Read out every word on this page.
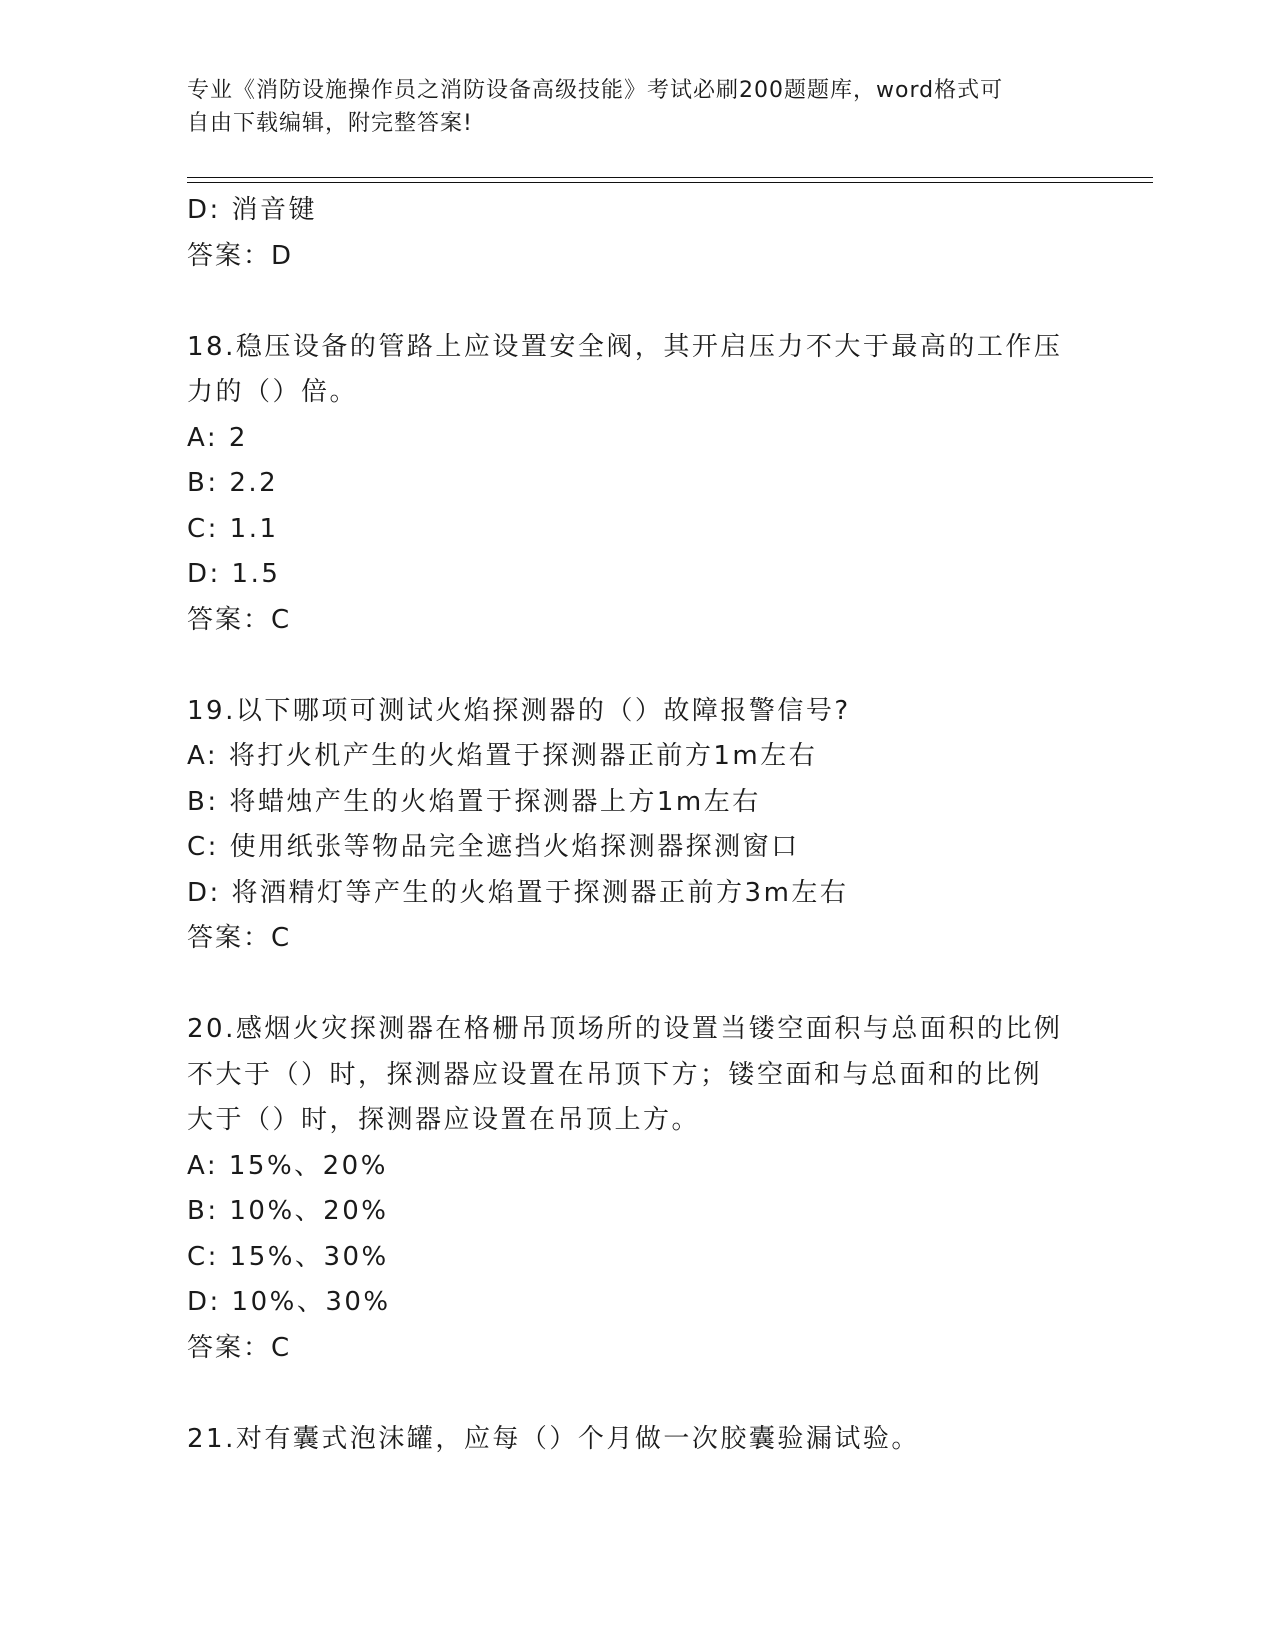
专业《消防设施操作员之消防设备高级技能》考试必刷200题题库，word格式可
自由下载编辑，附完整答案!
D: 消音键
答案：D
18.稳压设备的管路上应设置安全阀，其开启压力不大于最高的工作压
力的（）倍。
A: 2
B: 2.2
C: 1.1
D: 1.5
答案：C
19.以下哪项可测试火焰探测器的（）故障报警信号?
A: 将打火机产生的火焰置于探测器正前方1m左右
B: 将蜡烛产生的火焰置于探测器上方1m左右
C: 使用纸张等物品完全遮挡火焰探测器探测窗口
D: 将酒精灯等产生的火焰置于探测器正前方3m左右
答案：C
20.感烟火灾探测器在格栅吊顶场所的设置当镂空面积与总面积的比例
不大于（）时，探测器应设置在吊顶下方；镂空面和与总面和的比例
大于（）时，探测器应设置在吊顶上方。
A: 15%、20%
B: 10%、20%
C: 15%、30%
D: 10%、30%
答案：C
21.对有囊式泡沫罐，应每（）个月做一次胶囊验漏试验。
